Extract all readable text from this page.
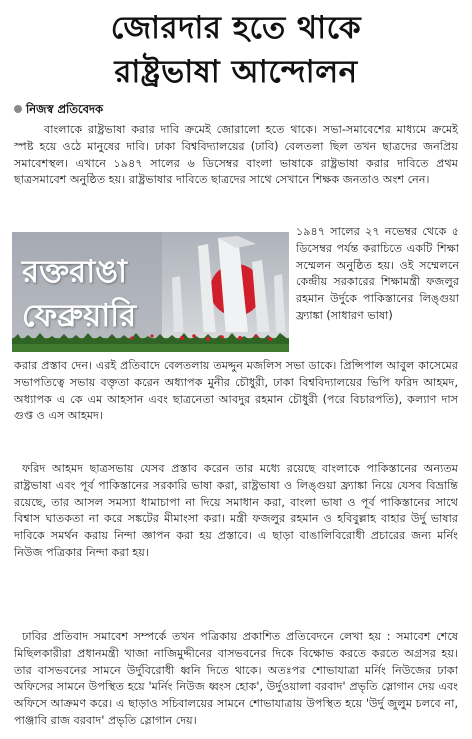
জোরদার হতে থাকে
রাষ্ট্রভাষা আন্দোলন
নিজস্ব প্রতিবেদক
বাংলাকে রাষ্ট্রভাষা করার দাবি ক্রমেই জোরালো হতে থাকে। সভা-সমাবেশের মাধ্যমে ক্রমেই স্পষ্ট হয়ে ওঠে মানুষের দাবি। ঢাকা বিশ্ববিদ্যালয়ের (ঢাবি) বেলতলা ছিল তখন ছাত্রদের জনপ্রিয় সমাবেশস্থল। এখানে ১৯৪৭ সালের ৬ ডিসেম্বর বাংলা ভাষাকে রাষ্ট্রভাষা করার দাবিতে প্রথম ছাত্রসমাবেশ অনুষ্ঠিত হয়। রাষ্ট্রভাষার দাবিতে ছাত্রদের সাথে সেখানে শিক্ষক জনতাও অংশ নেন।
রক্তরাঙা
ফেব্রুয়ারি
১৯৪৭ সালের ২৭ নভেম্বর থেকে ৫ ডিসেম্বর পর্যন্ত করাচিতে একটি শিক্ষা সম্মেলন অনুষ্ঠিত হয়। ওই সম্মেলনে কেন্দ্রীয় সরকারের শিক্ষামন্ত্রী ফজলুর রহমান উর্দুকে পাকিস্তানের লিঙ্গুয়া ফ্র্যাঙ্কা (সাধারণ ভাষা)
করার প্রস্তাব দেন। এরই প্রতিবাদে বেলতলায় তমদ্দুন মজলিস সভা ডাকে। প্রিন্সিপাল আবুল কাসেমের সভাপতিত্বে সভায় বক্তৃতা করেন অধ্যাপক মুনীর চৌধুরী, ঢাকা বিশ্ববিদ্যালয়ের ভিপি ফরিদ আহমদ, অধ্যাপক এ কে এম আহসান এবং ছাত্রনেতা আবদুর রহমান চৌধুরী (পরে বিচারপতি), কল্যাণ দাস গুপ্ত ও এস আহমদ।
ফরিদ আহমদ ছাত্রসভায় যেসব প্রস্তাব করেন তার মধ্যে রয়েছে বাংলাকে পাকিস্তানের অন্যতম রাষ্ট্রভাষা এবং পূর্ব পাকিস্তানের সরকারি ভাষা করা, রাষ্ট্রভাষা ও লিঙ্গুয়া ফ্র্যাঙ্কা নিয়ে যেসব বিভ্রান্তি রয়েছে, তার আসল সমস্যা ধামাচাপা না দিয়ে সমাধান করা, বাংলা ভাষা ও পূর্ব পাকিস্তানের সাথে বিশ্বাস ঘাতকতা না করে সঙ্কটের মীমাংসা করা। মন্ত্রী ফজলুর রহমান ও হবিবুল্লাহ বাহার উর্দু ভাষার দাবিকে সমর্থন করায় নিন্দা জ্ঞাপন করা হয় প্রস্তাবে। এ ছাড়া বাঙালিবিরোধী প্রচারের জন্য মর্নিং নিউজ পত্রিকার নিন্দা করা হয়।
ঢাবির প্রতিবাদ সমাবেশ সম্পর্কে তখন পত্রিকায় প্রকাশিত প্রতিবেদনে লেখা হয় : সমাবেশ শেষে মিছিলকারীরা প্রধানমন্ত্রী খাজা নাজিমুদ্দীনের বাসভবনের দিকে বিক্ষোভ করতে করতে অগ্রসর হয়। তার বাসভবনের সামনে উর্দুবিরোধী ধ্বনি দিতে থাকে। অতঃপর শোভাযাত্রা মর্নিং নিউজের ঢাকা অফিসের সামনে উপস্থিত হয়ে 'মর্নিং নিউজ ধ্বংস হোক', উর্দুওয়ালা বরবাদ' প্রভৃতি স্লোগান দেয় এবং অফিসে আক্রমণ করে। এ ছাড়াও সচিবালয়ের সামনে শোভাযাত্রায় উপস্থিত হয়ে 'উর্দু জুলুম চলবে না, পাঞ্জাবি রাজ বরবাদ' প্রভৃতি স্লোগান দেয়।
